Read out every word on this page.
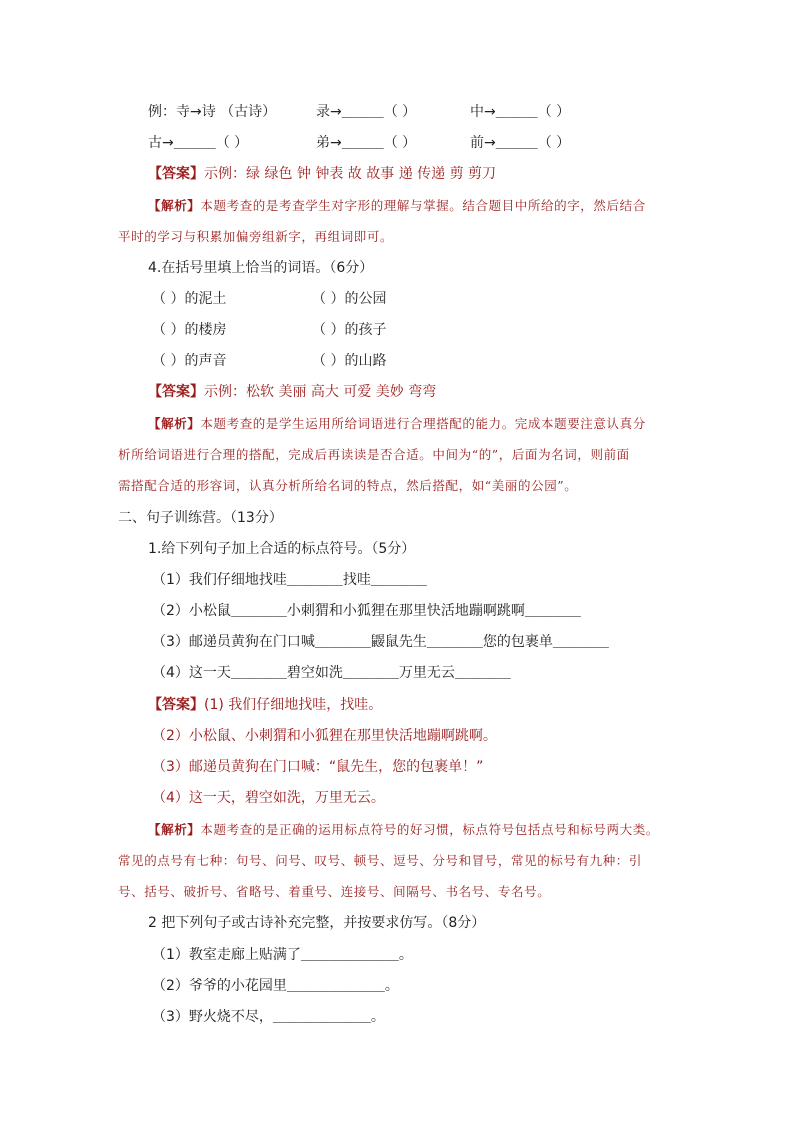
例：寺→诗 （古诗）	录→＿＿＿（ ）	中→＿＿＿（ ）
古→＿＿＿（ ）	弟→＿＿＿（ ）	前→＿＿＿（ ）
【答案】示例：绿 绿色 钟 钟表 故 故事 递 传递 剪 剪刀
【解析】本题考查的是考查学生对字形的理解与掌握。结合题目中所给的字，然后结合
平时的学习与积累加偏旁组新字，再组词即可。
4.在括号里填上恰当的词语。（6分）
（ ）的泥土	（ ）的公园
（ ）的楼房	（ ）的孩子
（ ）的声音	（ ）的山路
【答案】示例：松软 美丽 高大 可爱 美妙 弯弯
【解析】本题考查的是学生运用所给词语进行合理搭配的能力。完成本题要注意认真分
析所给词语进行合理的搭配，完成后再读读是否合适。中间为“的”，后面为名词，则前面
需搭配合适的形容词，认真分析所给名词的特点，然后搭配，如“美丽的公园”。
二、句子训练营。（13分）
1.给下列句子加上合适的标点符号。（5分）
（1）我们仔细地找哇＿＿＿＿找哇＿＿＿＿
（2）小松鼠＿＿＿＿小刺猬和小狐狸在那里快活地蹦啊跳啊＿＿＿＿
（3）邮递员黄狗在门口喊＿＿＿＿鼹鼠先生＿＿＿＿您的包裹单＿＿＿＿
（4）这一天＿＿＿＿碧空如洗＿＿＿＿万里无云＿＿＿＿
【答案】(1) 我们仔细地找哇，找哇。
（2）小松鼠、小刺猬和小狐狸在那里快活地蹦啊跳啊。
（3）邮递员黄狗在门口喊：“鼠先生，您的包裹单！”
（4）这一天，碧空如洗，万里无云。
【解析】本题考查的是正确的运用标点符号的好习惯，标点符号包括点号和标号两大类。
常见的点号有七种：句号、问号、叹号、顿号、逗号、分号和冒号，常见的标号有九种：引
号、括号、破折号、省略号、着重号、连接号、间隔号、书名号、专名号。
2 把下列句子或古诗补充完整，并按要求仿写。（8分）
（1）教室走廊上贴满了＿＿＿＿＿＿＿。
（2）爷爷的小花园里＿＿＿＿＿＿＿。
（3）野火烧不尽，＿＿＿＿＿＿＿。
